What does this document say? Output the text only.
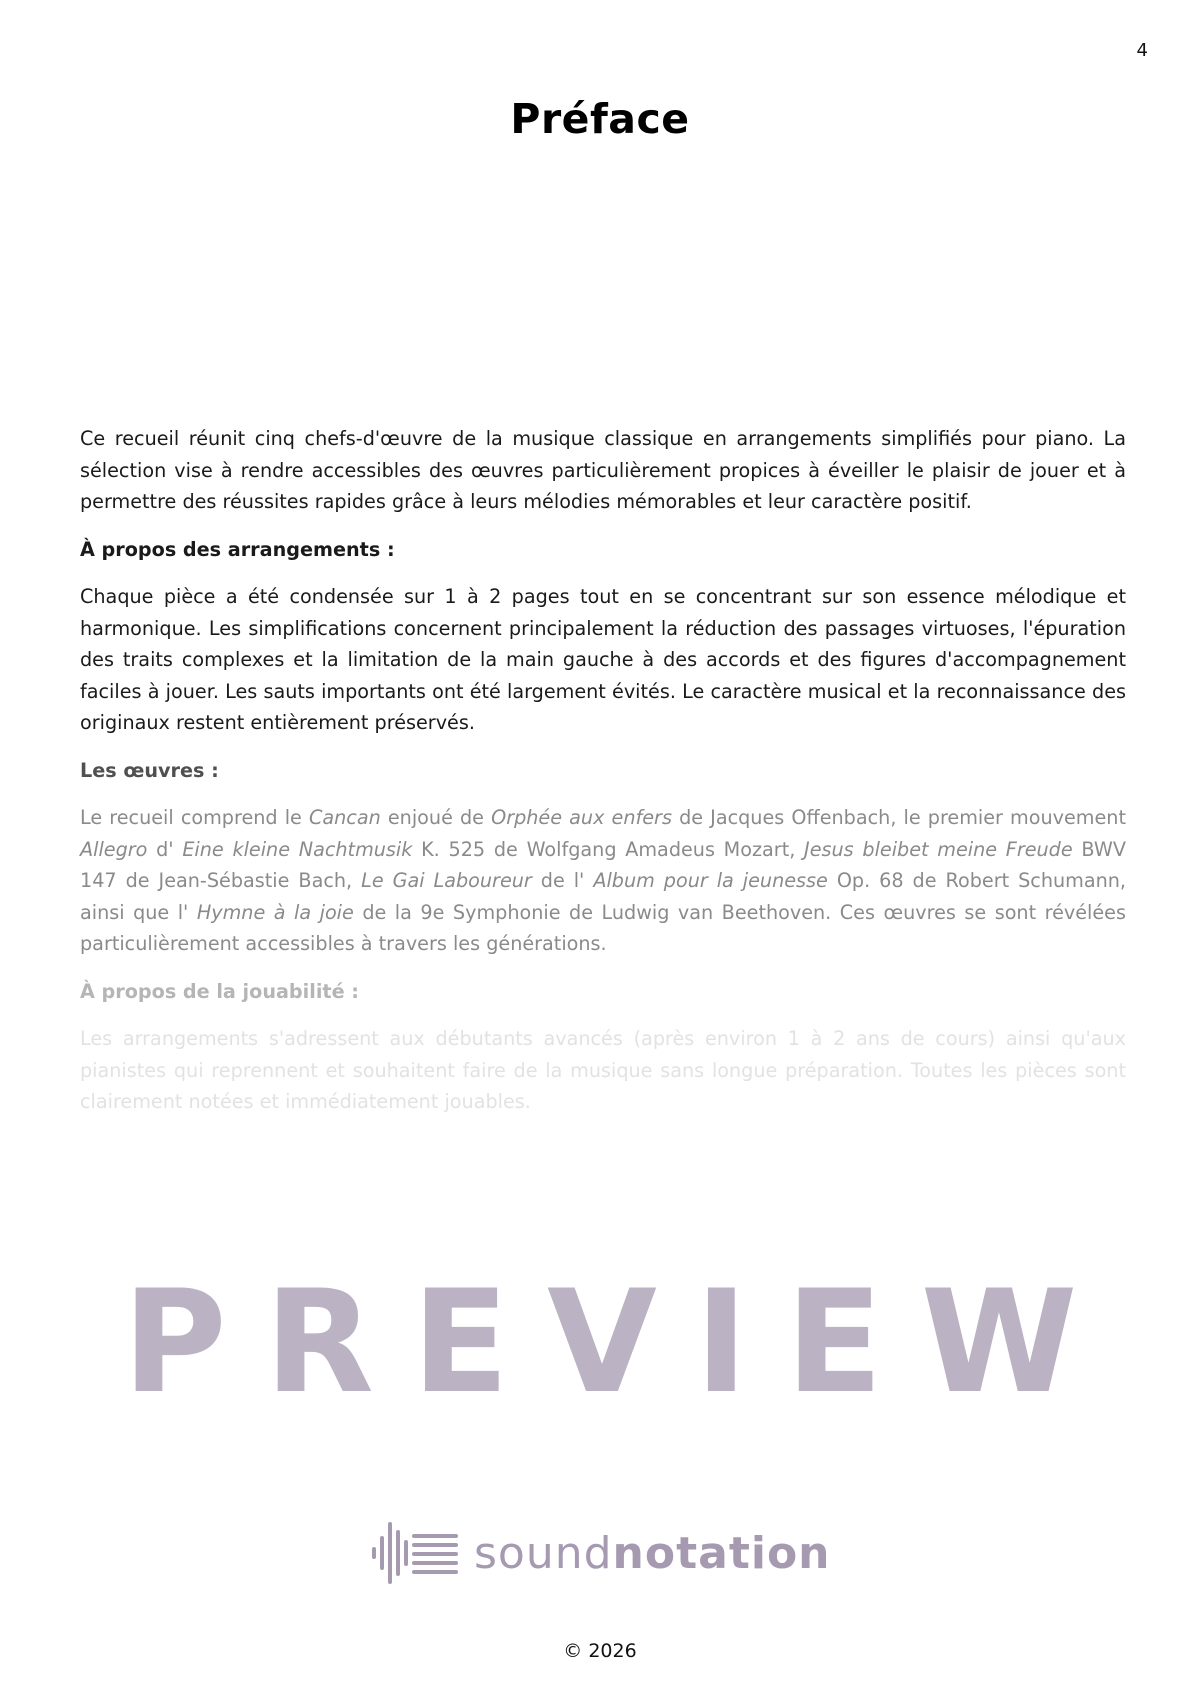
4
Préface

Ce recueil réunit cinq chefs-d'œuvre de la musique classique en arrangements simplifiés pour piano. La sélection vise à rendre accessibles des œuvres particulièrement propices à éveiller le plaisir de jouer et à permettre des réussites rapides grâce à leurs mélodies mémorables et leur caractère positif.

À propos des arrangements :

Chaque pièce a été condensée sur 1 à 2 pages tout en se concentrant sur son essence mélodique et harmonique. Les simplifications concernent principalement la réduction des passages virtuoses, l'épuration des traits complexes et la limitation de la main gauche à des accords et des figures d'accompagnement faciles à jouer. Les sauts importants ont été largement évités. Le caractère musical et la reconnaissance des originaux restent entièrement préservés.

Les œuvres :

Le recueil comprend le Cancan enjoué de Orphée aux enfers de Jacques Offenbach, le premier mouvement Allegro d' Eine kleine Nachtmusik K. 525 de Wolfgang Amadeus Mozart, Jesus bleibet meine Freude BWV 147 de Jean-Sébastie Bach, Le Gai Laboureur de l' Album pour la jeunesse Op. 68 de Robert Schumann, ainsi que l' Hymne à la joie de la 9e Symphonie de Ludwig van Beethoven. Ces œuvres se sont révélées particulièrement accessibles à travers les générations.

À propos de la jouabilité :

Les arrangements s'adressent aux débutants avancés (après environ 1 à 2 ans de cours) ainsi qu'aux pianistes qui reprennent et souhaitent faire de la musique sans longue préparation. Toutes les pièces sont clairement notées et immédiatement jouables.

PREVIEW
soundnotation
© 2026
